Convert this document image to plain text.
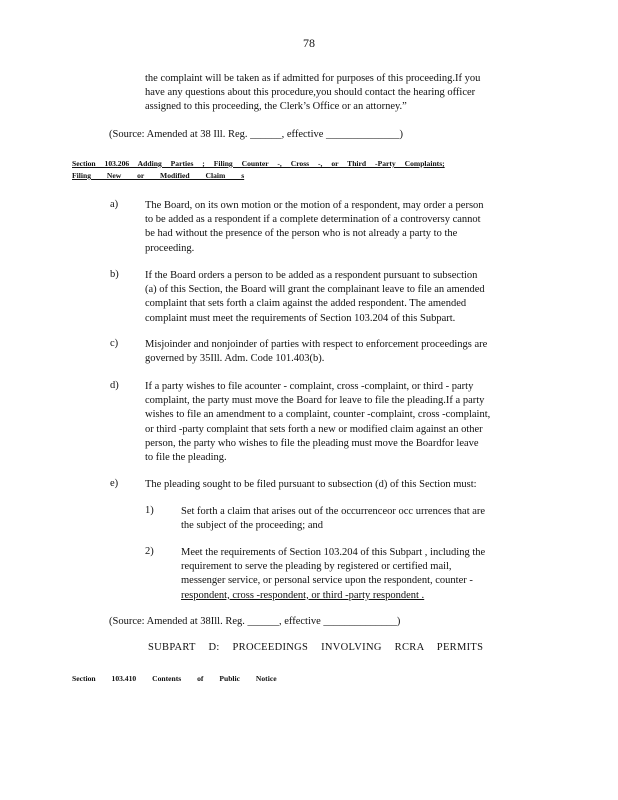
78
the complaint will be taken as if admitted for purposes of this proceeding.If you
have any questions about this procedure,you should contact the hearing officer
assigned to this proceeding, the Clerk’s Office or an attorney.”
(Source: Amended at 38 Ill. Reg. ______, effective ______________)
Section 103.206 Adding Parties ; Filing Counter -, Cross -, or Third -Party Complaints;
Filing New or Modified Claim s
a)	The Board, on its own motion or the motion of a respondent, may order a person
to be added as a respondent if a complete determination of a controversy cannot
be had without the presence of the person who is not already a party to the
proceeding.
b)	If the Board orders a person to be added as a respondent pursuant to subsection
(a) of this Section, the Board will grant the complainant leave to file an amended
complaint that sets forth a claim against the added respondent. The amended
complaint must meet the requirements of Section 103.204 of this Subpart.
c)	Misjoinder and nonjoinder of parties with respect to enforcement proceedings are
governed by 35Ill. Adm. Code 101.403(b).
d)	If a party wishes to file acounter - complaint, cross -complaint, or third - party
complaint, the party must move the Board for leave to file the pleading.If a party
wishes to file an amendment to a complaint, counter -complaint, cross -complaint,
or third -party complaint that sets forth a new or modified claim against an other
person, the party who wishes to file the pleading must move the Boardfor leave
to file the pleading.
e)	The pleading sought to be filed pursuant to subsection (d) of this Section must:
1)	Set forth a claim that arises out of the occurrenceor occ urrences that are
the subject of the proceeding; and
2)	Meet the requirements of Section 103.204 of this Subpart , including the
requirement to serve the pleading by registered or certified mail,
messenger service, or personal service upon the respondent, counter -
respondent, cross -respondent, or third -party respondent .
(Source: Amended at 38Ill. Reg. ______, effective ______________)
SUBPART D: PROCEEDINGS INVOLVING RCRA PERMITS
Section 103.410 Contents of Public Notice
